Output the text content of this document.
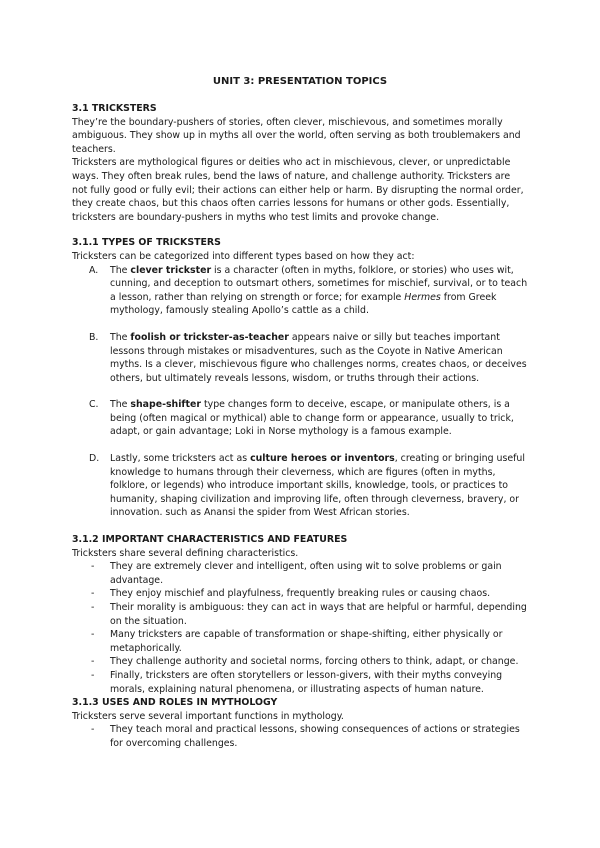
UNIT 3: PRESENTATION TOPICS
3.1 TRICKSTERS

They’re the boundary-pushers of stories, often clever, mischievous, and sometimes morally ambiguous. They show up in myths all over the world, often serving as both troublemakers and teachers.

Tricksters are mythological figures or deities who act in mischievous, clever, or unpredictable ways. They often break rules, bend the laws of nature, and challenge authority. Tricksters are not fully good or fully evil; their actions can either help or harm. By disrupting the normal order, they create chaos, but this chaos often carries lessons for humans or other gods. Essentially, tricksters are boundary-pushers in myths who test limits and provoke change.

3.1.1 TYPES OF TRICKSTERS

Tricksters can be categorized into different types based on how they act:

A. The clever trickster is a character (often in myths, folklore, or stories) who uses wit, cunning, and deception to outsmart others, sometimes for mischief, survival, or to teach a lesson, rather than relying on strength or force; for example Hermes from Greek mythology, famously stealing Apollo’s cattle as a child.
B. The foolish or trickster-as-teacher appears naive or silly but teaches important lessons through mistakes or misadventures, such as the Coyote in Native American myths. Is a clever, mischievous figure who challenges norms, creates chaos, or deceives others, but ultimately reveals lessons, wisdom, or truths through their actions.
C. The shape-shifter type changes form to deceive, escape, or manipulate others, is a being (often magical or mythical) able to change form or appearance, usually to trick, adapt, or gain advantage; Loki in Norse mythology is a famous example.
D. Lastly, some tricksters act as culture heroes or inventors, creating or bringing useful knowledge to humans through their cleverness, which are figures (often in myths, folklore, or legends) who introduce important skills, knowledge, tools, or practices to humanity, shaping civilization and improving life, often through cleverness, bravery, or innovation. such as Anansi the spider from West African stories.
3.1.2 IMPORTANT CHARACTERISTICS AND FEATURES

Tricksters share several defining characteristics.

- They are extremely clever and intelligent, often using wit to solve problems or gain advantage.
- They enjoy mischief and playfulness, frequently breaking rules or causing chaos.
- Their morality is ambiguous: they can act in ways that are helpful or harmful, depending on the situation.
- Many tricksters are capable of transformation or shape-shifting, either physically or metaphorically.
- They challenge authority and societal norms, forcing others to think, adapt, or change.
- Finally, tricksters are often storytellers or lesson-givers, with their myths conveying morals, explaining natural phenomena, or illustrating aspects of human nature.
3.1.3 USES AND ROLES IN MYTHOLOGY

Tricksters serve several important functions in mythology.

- They teach moral and practical lessons, showing consequences of actions or strategies for overcoming challenges.
